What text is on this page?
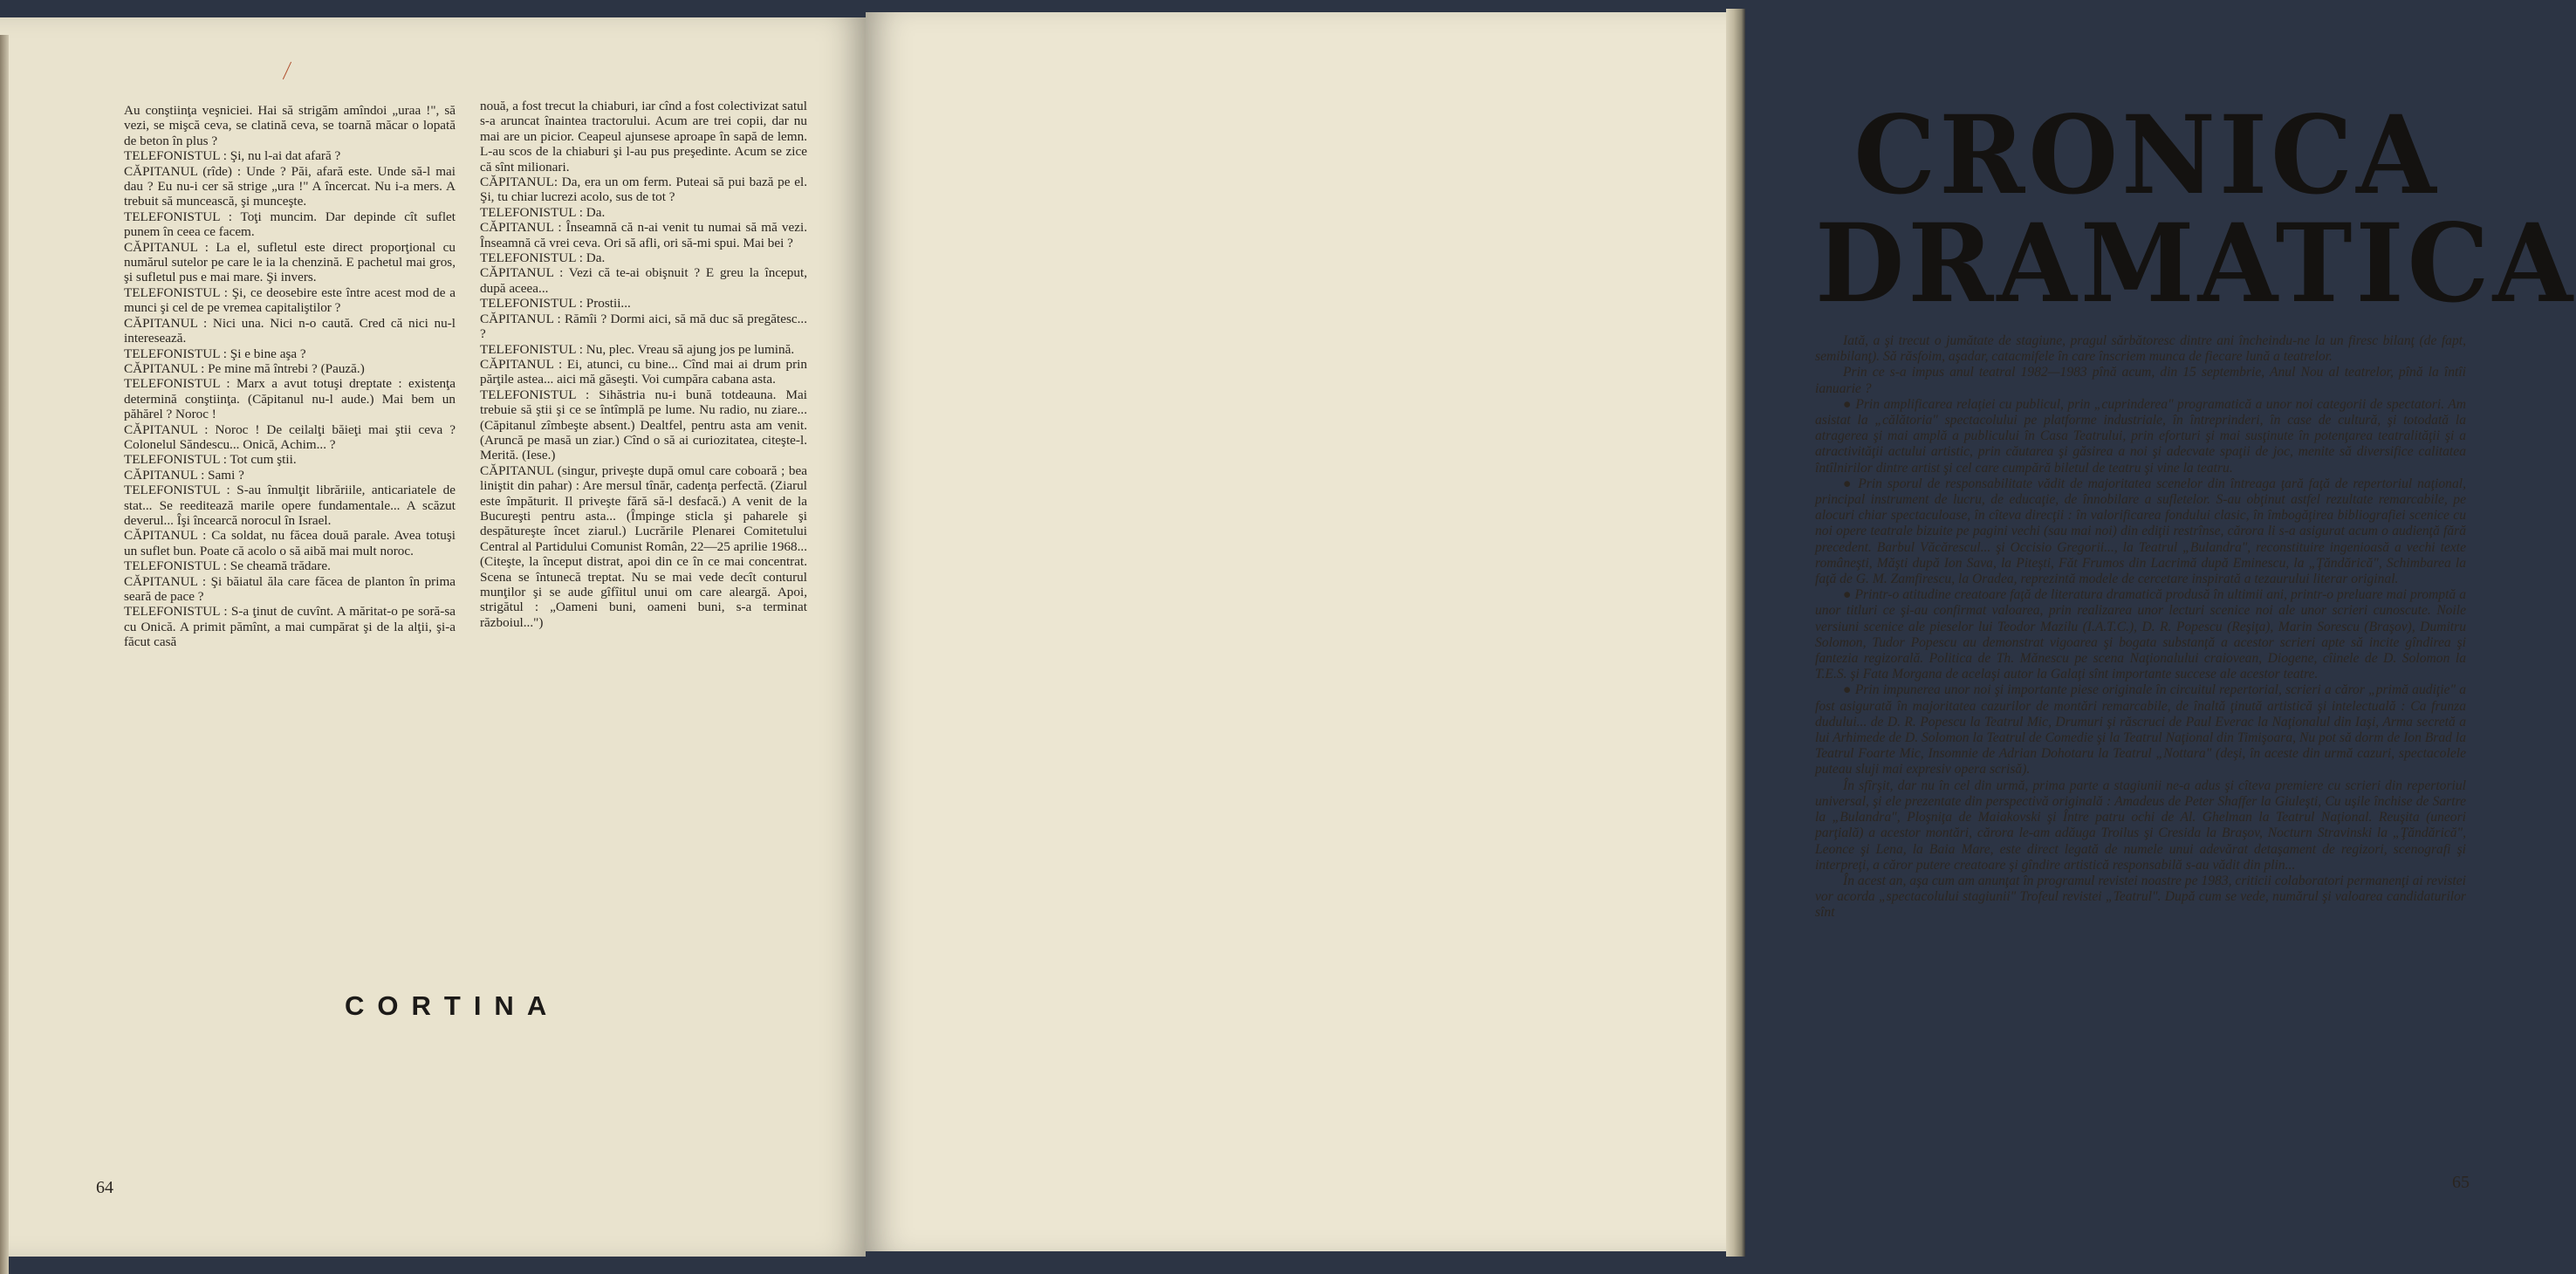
Au conştiinţa veşniciei. Hai să strigăm amîndoi „uraa !", să vezi, se mişcă ceva, se clatină ceva, se toarnă măcar o lopată de beton în plus ?

TELEFONISTUL : Şi, nu l-ai dat afară ?

CĂPITANUL (rîde) : Unde ? Păi, afară este. Unde să-l mai dau ? Eu nu-i cer să strige „ura !" A încercat. Nu i-a mers. A trebuit să muncească, şi munceşte.

TELEFONISTUL : Toţi muncim. Dar depinde cît suflet punem în ceea ce facem.

CĂPITANUL : La el, sufletul este direct proporţional cu numărul sutelor pe care le ia la chenzină. E pachetul mai gros, şi sufletul pus e mai mare. Şi invers.

TELEFONISTUL : Şi, ce deosebire este între acest mod de a munci şi cel de pe vremea capitaliştilor ?

CĂPITANUL : Nici una. Nici n-o caută. Cred că nici nu-l interesează.

TELEFONISTUL : Şi e bine aşa ?

CĂPITANUL : Pe mine mă întrebi ? (Pauză.)

TELEFONISTUL : Marx a avut totuşi dreptate : existenţa determină conştiinţa. (Căpitanul nu-l aude.) Mai bem un păhărel ? Noroc !

CĂPITANUL : Noroc ! De ceilalţi băieţi mai ştii ceva ? Colonelul Săndescu... Onică, Achim... ?

TELEFONISTUL : Tot cum ştii.

CĂPITANUL : Sami ?

TELEFONISTUL : S-au înmulţit librăriile, anticariatele de stat... Se reeditează marile opere fundamentale... A scăzut deverul... Îşi încearcă norocul în Israel.

CĂPITANUL : Ca soldat, nu făcea două parale. Avea totuşi un suflet bun. Poate că acolo o să aibă mai mult noroc.

TELEFONISTUL : Se cheamă trădare.

CĂPITANUL : Şi băiatul ăla care făcea de planton în prima seară de pace ?

TELEFONISTUL : S-a ţinut de cuvînt. A măritat-o pe soră-sa cu Onică. A primit pămînt, a mai cumpărat şi de la alţii, şi-a făcut casă

nouă, a fost trecut la chiaburi, iar cînd a fost colectivizat satul s-a aruncat înaintea tractorului. Acum are trei copii, dar nu mai are un picior. Ceapeul ajunsese aproape în sapă de lemn. L-au scos de la chiaburi şi l-au pus preşedinte. Acum se zice că sînt milionari.

CĂPITANUL: Da, era un om ferm. Puteai să pui bază pe el. Şi, tu chiar lucrezi acolo, sus de tot ?

TELEFONISTUL : Da.

CĂPITANUL : Înseamnă că n-ai venit tu numai să mă vezi. Înseamnă că vrei ceva. Ori să afli, ori să-mi spui. Mai bei ?

TELEFONISTUL : Da.

CĂPITANUL : Vezi că te-ai obişnuit ? E greu la început, după aceea...

TELEFONISTUL : Prostii...

CĂPITANUL : Rămîi ? Dormi aici, să mă duc să pregătesc... ?

TELEFONISTUL : Nu, plec. Vreau să ajung jos pe lumină.

CĂPITANUL : Ei, atunci, cu bine... Cînd mai ai drum prin părţile astea... aici mă găseşti. Voi cumpăra cabana asta.

TELEFONISTUL : Sihăstria nu-i bună totdeauna. Mai trebuie să ştii şi ce se întîmplă pe lume. Nu radio, nu ziare... (Căpitanul zîmbeşte absent.) Dealtfel, pentru asta am venit. (Aruncă pe masă un ziar.) Cînd o să ai curiozitatea, citeşte-l. Merită. (Iese.)

CĂPITANUL (singur, priveşte după omul care coboară ; bea liniştit din pahar) : Are mersul tînăr, cadenţa perfectă. (Ziarul este împăturit. Il priveşte fără să-l desfacă.) A venit de la Bucureşti pentru asta... (Împinge sticla şi paharele şi despătureşte încet ziarul.) Lucrările Plenarei Comitetului Central al Partidului Comunist Român, 22—25 aprilie 1968... (Citeşte, la început distrat, apoi din ce în ce mai concentrat. Scena se întunecă treptat. Nu se mai vede decît conturul munţilor şi se aude gîfîitul unui om care aleargă. Apoi, strigătul : „Oameni buni, oameni buni, s-a terminat războiul...")

CORTINA
64
CRONICA
DRAMATICA

Iată, a şi trecut o jumătate de stagiune, pragul sărbătoresc dintre ani încheindu-ne la un firesc bilanţ (de fapt, semibilanţ). Să răsfoim, aşadar, cataстifele în care înscriem munca de fiecare lună a teatrelor.

Prin ce s-a impus anul teatral 1982—1983 pînă acum, din 15 septembrie, Anul Nou al teatrelor, pînă la întîi ianuarie ?

● Prin amplificarea relaţiei cu publicul, prin „cuprinderea" programatică a unor noi categorii de spectatori. Am asistat la „călătoria" spectacolului pe platforme industriale, în întreprinderi, în case de cultură, şi totodată la atragerea şi mai amplă a publicului în Casa Teatrului, prin eforturi şi mai susţinute în potenţarea teatralităţii şi a atractivităţii actului artistic, prin căutarea şi găsirea a noi şi adecvate spaţii de joc, menite să diversifice calitatea întîlnirilor dintre artist şi cel care cumpără biletul de teatru şi vine la teatru.

● Prin sporul de responsabilitate vădit de majoritatea scenelor din întreaga ţară faţă de repertoriul naţional, principal instrument de lucru, de educaţie, de înnobilare a sufletelor. S-au obţinut astfel rezultate remarcabile, pe alocuri chiar spectaculoase, în cîteva direcţii : în valorificarea fondului clasic, în îmbogăţirea bibliografiei scenice cu noi opere teatrale bizuite pe pagini vechi (sau mai noi) din ediţii restrînse, cărora li s-a asigurat acum o audienţă fără precedent. Barbul Văcărescul... şi Occisio Gregorii..., la Teatrul „Bulandra", reconstituire ingenioasă a vechi texte româneşti, Măşti după Ion Sava, la Piteşti, Făt Frumos din Lacrimă după Eminescu, la „Ţăndărică", Schimbarea la faţă de G. M. Zamfirescu, la Oradea, reprezintă modele de cercetare inspirată a tezaurului literar original.

● Printr-o atitudine creatoare faţă de literatura dramatică produsă în ultimii ani, printr-o preluare mai promptă a unor titluri ce şi-au confirmat valoarea, prin realizarea unor lecturi scenice noi ale unor scrieri cunoscute. Noile versiuni scenice ale pieselor lui Teodor Mazilu (I.A.T.C.), D. R. Popescu (Reşiţa), Marin Sorescu (Braşov), Dumitru Solomon, Tudor Popescu au demonstrat vigoarea şi bogata substanţă a acestor scrieri apte să incite gîndirea şi fantezia regizorală. Politica de Th. Mănescu pe scena Naţionalului craiovean, Diogene, cîinele de D. Solomon la T.E.S. şi Fata Morgana de acelaşi autor la Galaţi sînt importante succese ale acestor teatre.

● Prin impunerea unor noi şi importante piese originale în circuitul repertorial, scrieri a căror „primă audiţie" a fost asigurată în majoritatea cazurilor de montări remarcabile, de înaltă ţinută artistică şi intelectuală : Ca frunza dudului... de D. R. Popescu la Teatrul Mic, Drumuri şi răscruci de Paul Everac la Naţionalul din Iaşi, Arma secretă a lui Arhimede de D. Solomon la Teatrul de Comedie şi la Teatrul Naţional din Timişoara, Nu pot să dorm de Ion Brad la Teatrul Foarte Mic, Insomnie de Adrian Dohotaru la Teatrul „Nottara" (deşi, în aceste din urmă cazuri, spectacolele puteau sluji mai expresiv opera scrisă).

În sfîrşit, dar nu în cel din urmă, prima parte a stagiunii ne-a adus şi cîteva premiere cu scrieri din repertoriul universal, şi ele prezentate din perspectivă originală : Amadeus de Peter Shaffer la Giuleşti, Cu uşile închise de Sartre la „Bulandra", Ploşniţa de Maiakovski şi Între patru ochi de Al. Ghelman la Teatrul Naţional. Reuşita (uneori parţială) a acestor montări, cărora le-am adăuga Troilus şi Cresida la Braşov, Nocturn Stravinski la „Ţăndărică", Leonce şi Lena, la Baia Mare, este direct legată de numele unui adevărat detaşament de regizori, scenografi şi interpreţi, a căror putere creatoare şi gîndire artistică responsabilă s-au vădit din plin...

În acest an, aşa cum am anunţat în programul revistei noastre pe 1983, criticii colaboratori permanenţi ai revistei vor acorda „spectacolului stagiunii" Trofeul revistei „Teatrul". După cum se vede, numărul şi valoarea candidaturilor sînt

65
